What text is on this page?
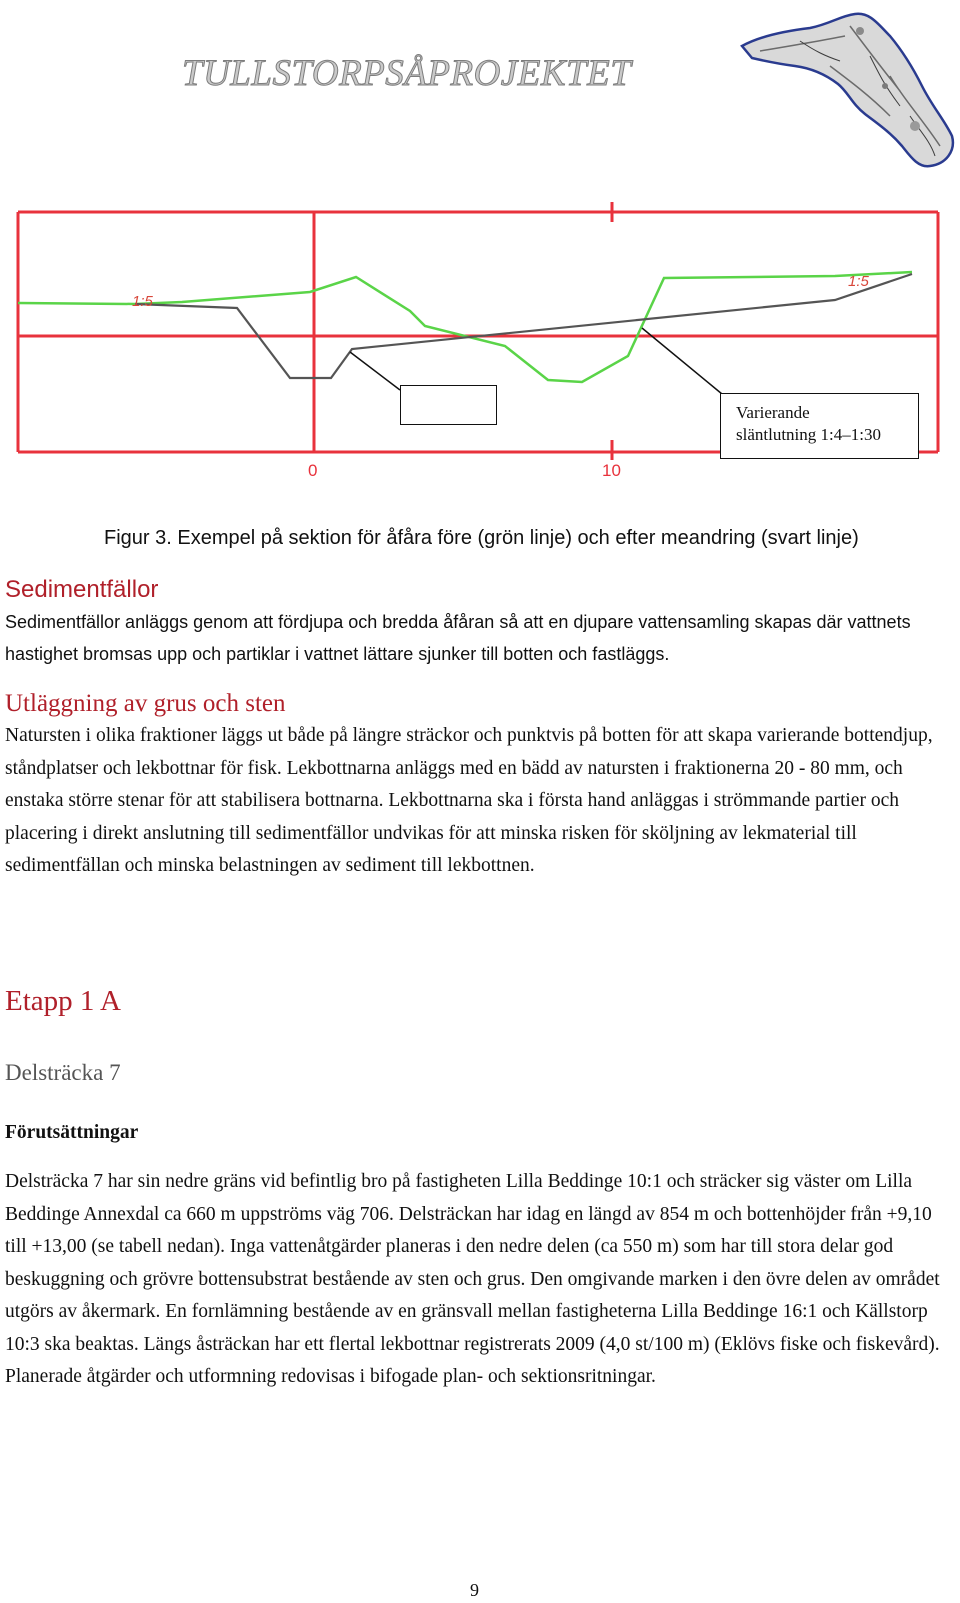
TULLSTORPSÅPROJEKTET
1:5
1:5
0	10
Varierande
släntlutning 1:4–1:30
Figur 3. Exempel på sektion för åfåra före (grön linje) och efter meandring (svart linje)
Sedimentfällor
Sedimentfällor anläggs genom att fördjupa och bredda åfåran så att en djupare vattensamling skapas där vattnets hastighet bromsas upp och partiklar i vattnet lättare sjunker till botten och fastläggs.
Utläggning av grus och sten
Natursten i olika fraktioner läggs ut både på längre sträckor och punktvis på botten för att skapa varierande bottendjup, ståndplatser och lekbottnar för fisk. Lekbottnarna anläggs med en bädd av natursten i fraktionerna 20 - 80 mm, och enstaka större stenar för att stabilisera bottnarna. Lekbottnarna ska i första hand anläggas i strömmande partier och placering i direkt anslutning till sedimentfällor undvikas för att minska risken för sköljning av lekmaterial till sedimentfällan och minska belastningen av sediment till lekbottnen.
Etapp 1 A
Delsträcka 7
Förutsättningar
Delsträcka 7 har sin nedre gräns vid befintlig bro på fastigheten Lilla Beddinge 10:1 och sträcker sig väster om Lilla Beddinge Annexdal ca 660 m uppströms väg 706. Delsträckan har idag en längd av 854 m och bottenhöjder från +9,10 till +13,00 (se tabell nedan). Inga vattenåtgärder planeras i den nedre delen (ca 550 m) som har till stora delar god beskuggning och grövre bottensubstrat bestående av sten och grus. Den omgivande marken i den övre delen av området utgörs av åkermark. En fornlämning bestående av en gränsvall mellan fastigheterna Lilla Beddinge 16:1 och Källstorp 10:3 ska beaktas. Längs åsträckan har ett flertal lekbottnar registrerats 2009 (4,0 st/100 m) (Eklövs fiske och fiskevård). Planerade åtgärder och utformning redovisas i bifogade plan- och sektionsritningar.
9
